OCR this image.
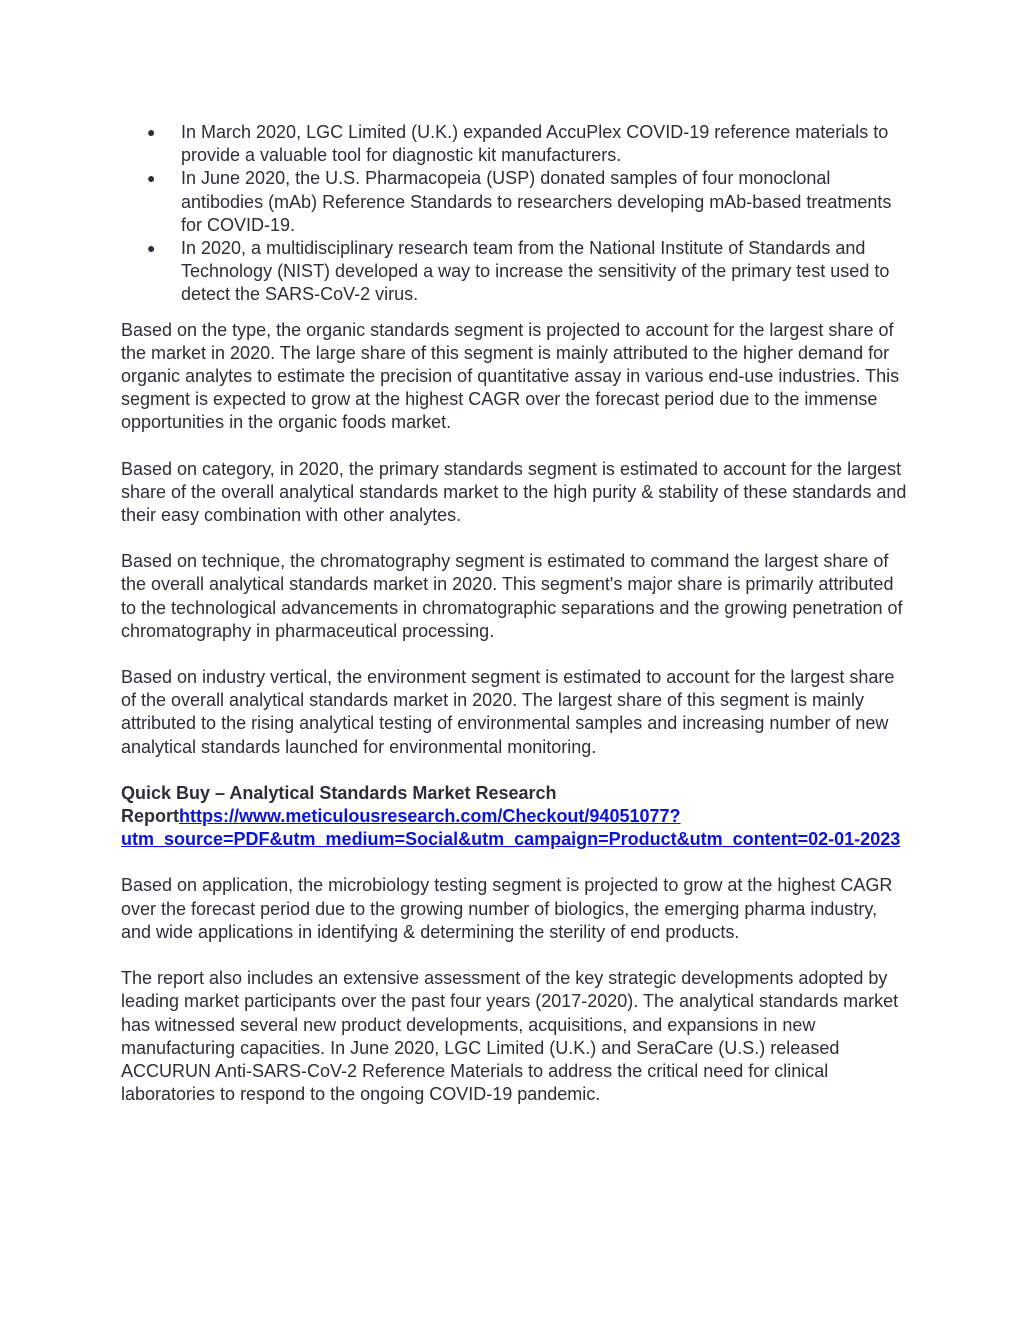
● In March 2020, LGC Limited (U.K.) expanded AccuPlex COVID-19 reference materials to provide a valuable tool for diagnostic kit manufacturers.
● In June 2020, the U.S. Pharmacopeia (USP) donated samples of four monoclonal antibodies (mAb) Reference Standards to researchers developing mAb-based treatments for COVID-19.
● In 2020, a multidisciplinary research team from the National Institute of Standards and Technology (NIST) developed a way to increase the sensitivity of the primary test used to detect the SARS-CoV-2 virus.

Based on the type, the organic standards segment is projected to account for the largest share of the market in 2020. The large share of this segment is mainly attributed to the higher demand for organic analytes to estimate the precision of quantitative assay in various end-use industries. This segment is expected to grow at the highest CAGR over the forecast period due to the immense opportunities in the organic foods market.

Based on category, in 2020, the primary standards segment is estimated to account for the largest share of the overall analytical standards market to the high purity & stability of these standards and their easy combination with other analytes.

Based on technique, the chromatography segment is estimated to command the largest share of the overall analytical standards market in 2020. This segment's major share is primarily attributed to the technological advancements in chromatographic separations and the growing penetration of chromatography in pharmaceutical processing.

Based on industry vertical, the environment segment is estimated to account for the largest share of the overall analytical standards market in 2020. The largest share of this segment is mainly attributed to the rising analytical testing of environmental samples and increasing number of new analytical standards launched for environmental monitoring.

Quick Buy – Analytical Standards Market Research Reporthttps://www.meticulousresearch.com/Checkout/94051077?utm_source=PDF&utm_medium=Social&utm_campaign=Product&utm_content=02-01-2023

Based on application, the microbiology testing segment is projected to grow at the highest CAGR over the forecast period due to the growing number of biologics, the emerging pharma industry, and wide applications in identifying & determining the sterility of end products.

The report also includes an extensive assessment of the key strategic developments adopted by leading market participants over the past four years (2017-2020). The analytical standards market has witnessed several new product developments, acquisitions, and expansions in new manufacturing capacities. In June 2020, LGC Limited (U.K.) and SeraCare (U.S.) released ACCURUN Anti-SARS-CoV-2 Reference Materials to address the critical need for clinical laboratories to respond to the ongoing COVID-19 pandemic.
